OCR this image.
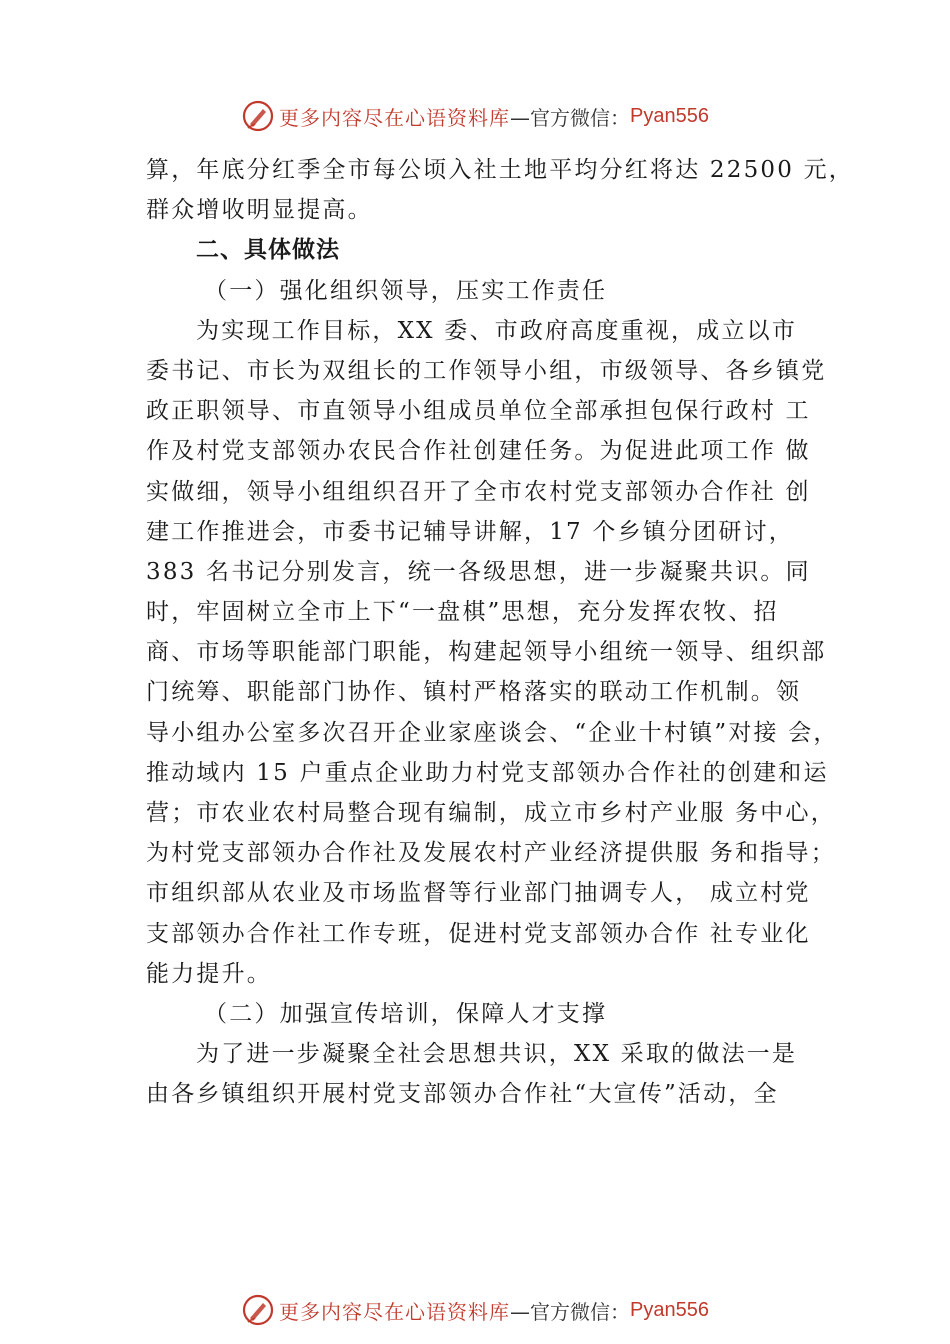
更多内容尽在心语资料库 —官方微信： Pyan556
算，年底分红季全市每公顷入社土地平均分红将达 22500 元，
群众增收明显提高。
二、具体做法
（一）强化组织领导，压实工作责任
为实现工作目标，XX 委、市政府高度重视，成立以市
委书记、市长为双组长的工作领导小组，市级领导、各乡镇党
政正职领导、市直领导小组成员单位全部承担包保行政村 工
作及村党支部领办农民合作社创建任务。为促进此项工作 做
实做细，领导小组组织召开了全市农村党支部领办合作社 创
建工作推进会，市委书记辅导讲解，17 个乡镇分团研讨，
383 名书记分别发言，统一各级思想，进一步凝聚共识。同
时，牢固树立全市上下“一盘棋”思想，充分发挥农牧、招
商、市场等职能部门职能，构建起领导小组统一领导、组织部
门统筹、职能部门协作、镇村严格落实的联动工作机制。领
导小组办公室多次召开企业家座谈会、“企业十村镇”对接 会，
推动域内 15 户重点企业助力村党支部领办合作社的创建和运
营；市农业农村局整合现有编制，成立市乡村产业服 务中心，
为村党支部领办合作社及发展农村产业经济提供服 务和指导；
市组织部从农业及市场监督等行业部门抽调专人， 成立村党
支部领办合作社工作专班，促进村党支部领办合作 社专业化
能力提升。
（二）加强宣传培训，保障人才支撑
为了进一步凝聚全社会思想共识，XX 采取的做法一是
由各乡镇组织开展村党支部领办合作社“大宣传”活动，全
更多内容尽在心语资料库 —官方微信： Pyan556
